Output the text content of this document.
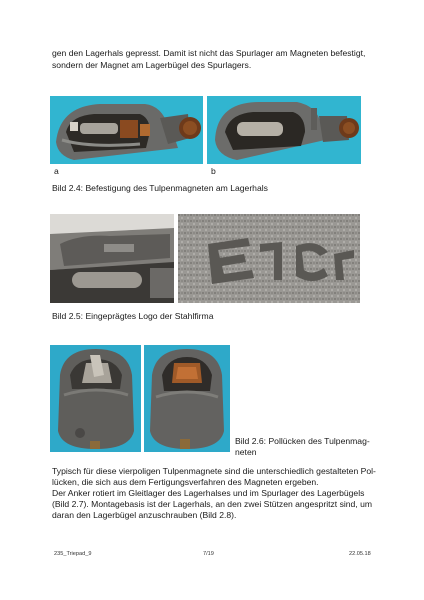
gen den Lagerhals gepresst. Damit ist nicht das Spurlager am Magneten befestigt,
sondern der Magnet am Lagerbügel des Spurlagers.
a	b
Bild 2.4: Befestigung des Tulpenmagneten am Lagerhals
Bild 2.5: Eingeprägtes Logo der Stahlfirma
Bild 2.6: Pollücken des Tulpenmag-
neten
Typisch für diese vierpoligen Tulpenmagnete sind die unterschiedlich gestalteten Pol-
lücken, die sich aus dem Fertigungsverfahren des Magneten ergeben.
Der Anker rotiert im Gleitlager des Lagerhalses und im Spurlager des Lagerbügels
(Bild 2.7). Montagebasis ist der Lagerhals, an den zwei Stützen angespritzt sind, um
daran den Lagerbügel anzuschrauben (Bild 2.8).
235_Triepad_9	7/19	22.05.18
